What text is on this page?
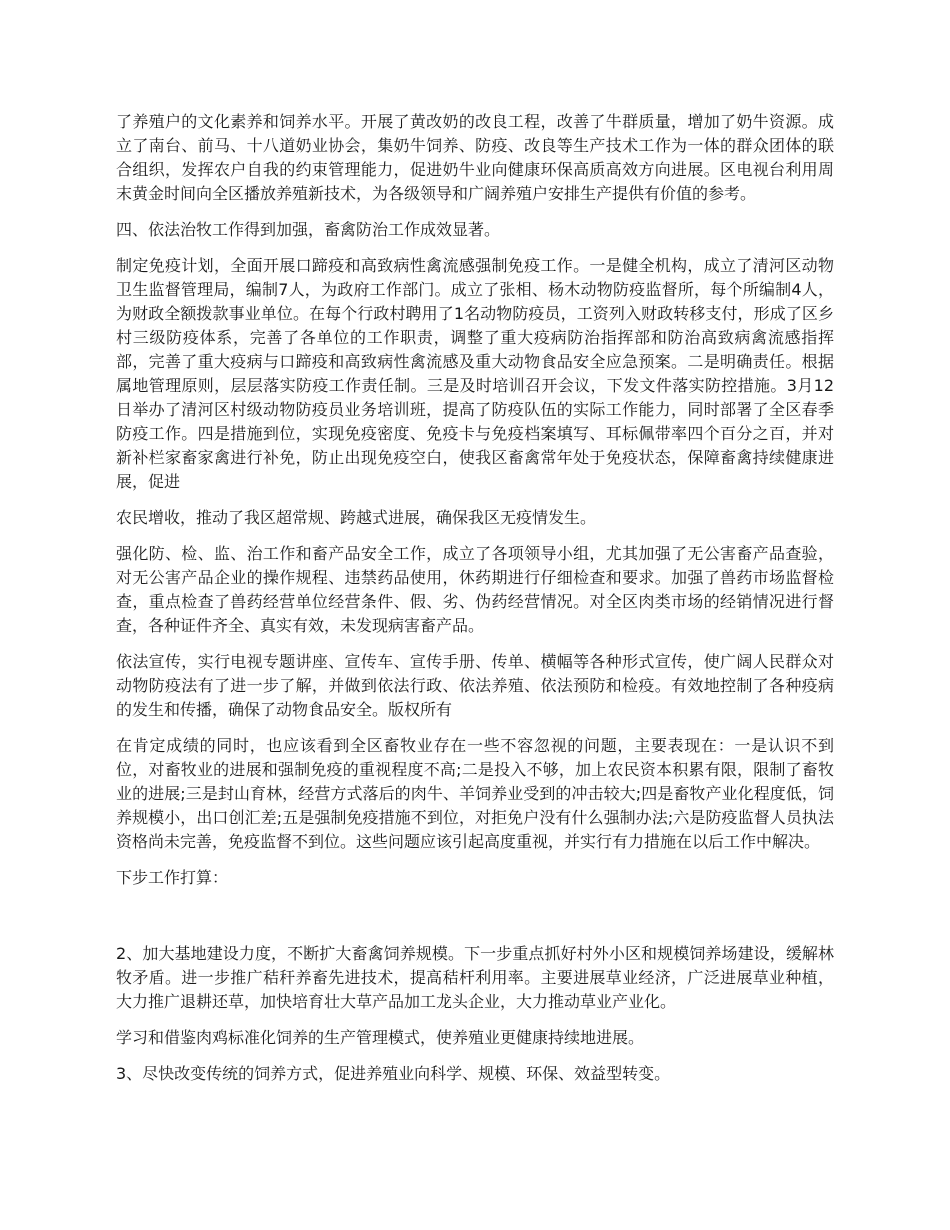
了养殖户的文化素养和饲养水平。开展了黄改奶的改良工程，改善了牛群质量，增加了奶牛资源。成立了南台、前马、十八道奶业协会，集奶牛饲养、防疫、改良等生产技术工作为一体的群众团体的联合组织，发挥农户自我的约束管理能力，促进奶牛业向健康环保高质高效方向进展。区电视台利用周末黄金时间向全区播放养殖新技术，为各级领导和广阔养殖户安排生产提供有价值的参考。

四、依法治牧工作得到加强，畜禽防治工作成效显著。

制定免疫计划，全面开展口蹄疫和高致病性禽流感强制免疫工作。一是健全机构，成立了清河区动物卫生监督管理局，编制7人，为政府工作部门。成立了张相、杨木动物防疫监督所，每个所编制4人，为财政全额拨款事业单位。在每个行政村聘用了1名动物防疫员，工资列入财政转移支付，形成了区乡村三级防疫体系，完善了各单位的工作职责，调整了重大疫病防治指挥部和防治高致病禽流感指挥部，完善了重大疫病与口蹄疫和高致病性禽流感及重大动物食品安全应急预案。二是明确责任。根据属地管理原则，层层落实防疫工作责任制。三是及时培训召开会议，下发文件落实防控措施。3月12日举办了清河区村级动物防疫员业务培训班，提高了防疫队伍的实际工作能力，同时部署了全区春季防疫工作。四是措施到位，实现免疫密度、免疫卡与免疫档案填写、耳标佩带率四个百分之百，并对新补栏家畜家禽进行补免，防止出现免疫空白，使我区畜禽常年处于免疫状态，保障畜禽持续健康进展，促进

农民增收，推动了我区超常规、跨越式进展，确保我区无疫情发生。

强化防、检、监、治工作和畜产品安全工作，成立了各项领导小组，尤其加强了无公害畜产品查验，对无公害产品企业的操作规程、违禁药品使用，休药期进行仔细检查和要求。加强了兽药市场监督检查，重点检查了兽药经营单位经营条件、假、劣、伪药经营情况。对全区肉类市场的经销情况进行督查，各种证件齐全、真实有效，未发现病害畜产品。

依法宣传，实行电视专题讲座、宣传车、宣传手册、传单、横幅等各种形式宣传，使广阔人民群众对动物防疫法有了进一步了解，并做到依法行政、依法养殖、依法预防和检疫。有效地控制了各种疫病的发生和传播，确保了动物食品安全。版权所有

在肯定成绩的同时，也应该看到全区畜牧业存在一些不容忽视的问题，主要表现在：一是认识不到位，对畜牧业的进展和强制免疫的重视程度不高;二是投入不够，加上农民资本积累有限，限制了畜牧业的进展;三是封山育林，经营方式落后的肉牛、羊饲养业受到的冲击较大;四是畜牧产业化程度低，饲养规模小，出口创汇差;五是强制免疫措施不到位，对拒免户没有什么强制办法;六是防疫监督人员执法资格尚未完善，免疫监督不到位。这些问题应该引起高度重视，并实行有力措施在以后工作中解决。

下步工作打算：

2、加大基地建设力度，不断扩大畜禽饲养规模。下一步重点抓好村外小区和规模饲养场建设，缓解林牧矛盾。进一步推广秸秆养畜先进技术，提高秸杆利用率。主要进展草业经济，广泛进展草业种植，大力推广退耕还草，加快培育壮大草产品加工龙头企业，大力推动草业产业化。

学习和借鉴肉鸡标准化饲养的生产管理模式，使养殖业更健康持续地进展。

3、尽快改变传统的饲养方式，促进养殖业向科学、规模、环保、效益型转变。
